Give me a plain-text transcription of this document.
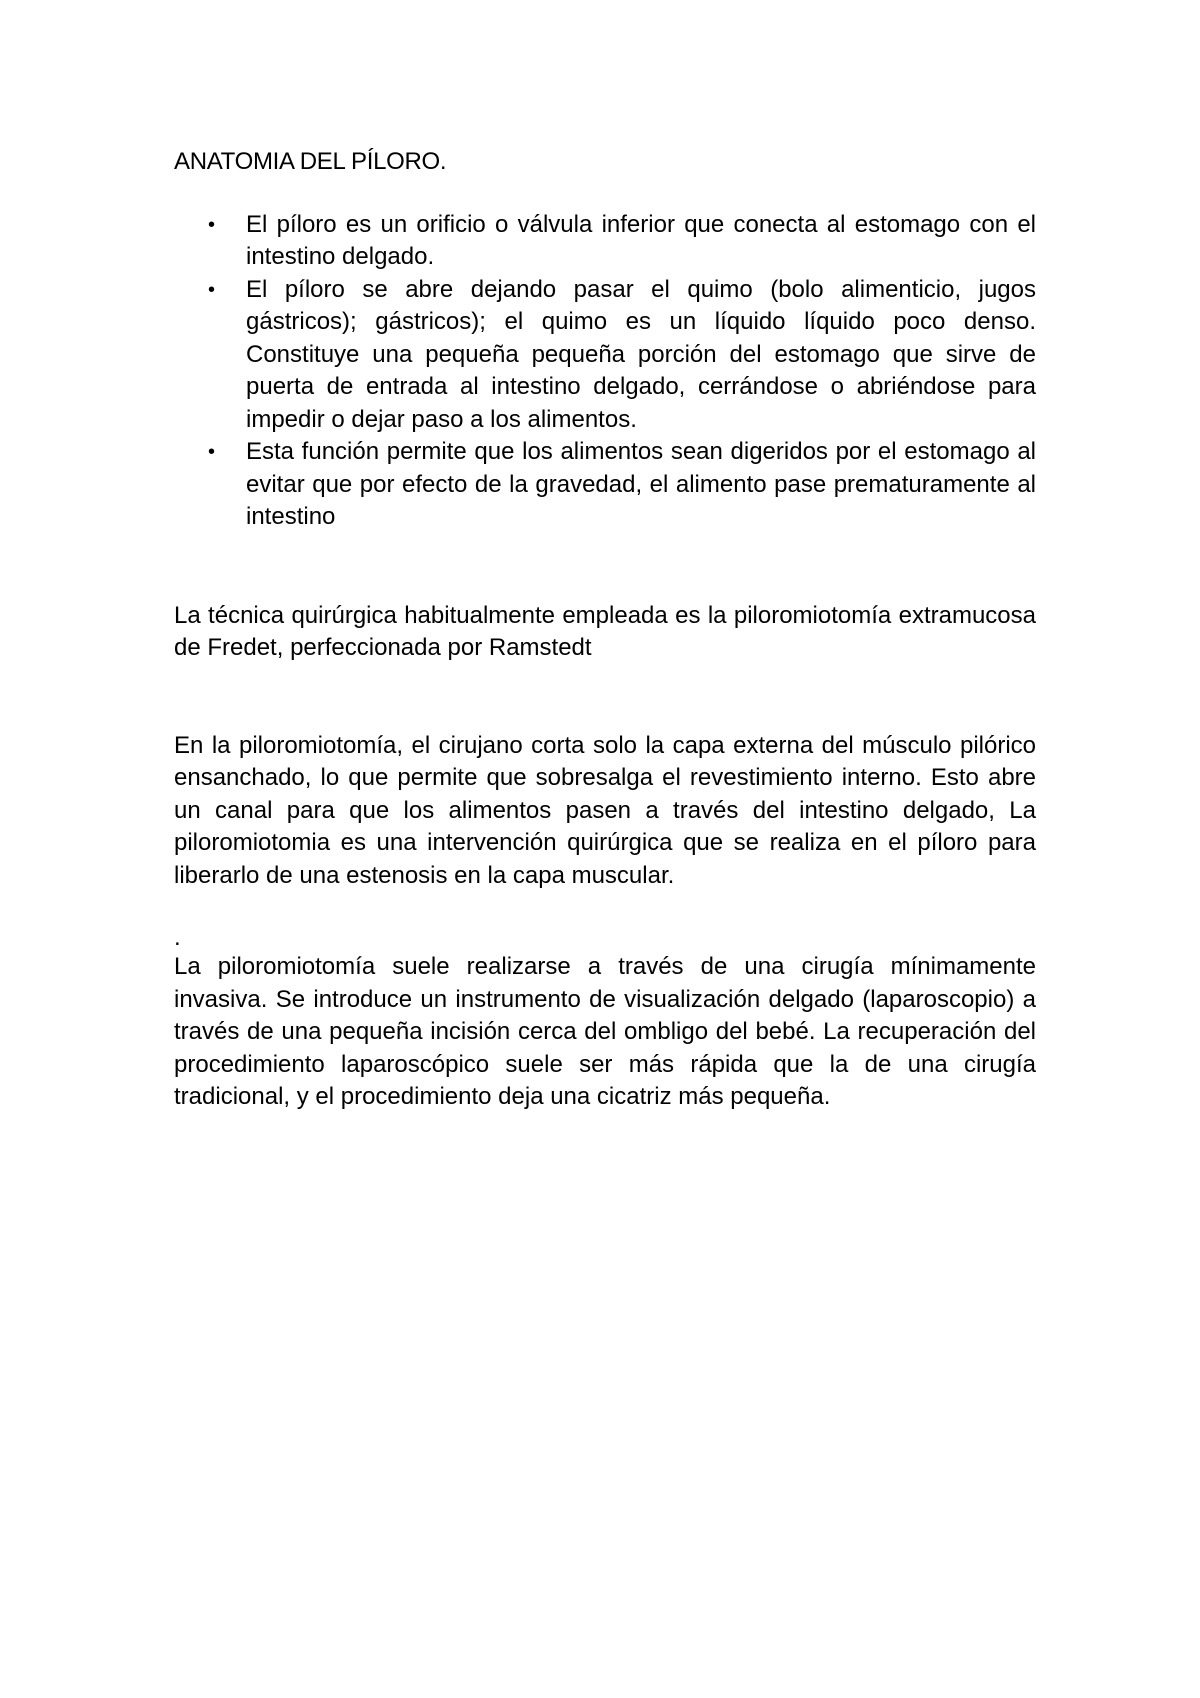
ANATOMIA DEL PÍLORO.
• El píloro es un orificio o válvula inferior que conecta al estomago con el intestino delgado.
• El píloro se abre dejando pasar el quimo (bolo alimenticio, jugos gástricos); gástricos); el quimo es un líquido líquido poco denso. Constituye una pequeña pequeña porción del estomago que sirve de puerta de entrada al intestino delgado, cerrándose o abriéndose para impedir o dejar paso a los alimentos.
• Esta función permite que los alimentos sean digeridos por el estomago al evitar que por efecto de la gravedad, el alimento pase prematuramente al intestino

La técnica quirúrgica habitualmente empleada es la piloromiotomía extramucosa de Fredet, perfeccionada por Ramstedt

En la piloromiotomía, el cirujano corta solo la capa externa del músculo pilórico ensanchado, lo que permite que sobresalga el revestimiento interno. Esto abre un canal para que los alimentos pasen a través del intestino delgado, La piloromiotomia es una intervención quirúrgica que se realiza en el píloro para liberarlo de una estenosis en la capa muscular.

.

La piloromiotomía suele realizarse a través de una cirugía mínimamente invasiva. Se introduce un instrumento de visualización delgado (laparoscopio) a través de una pequeña incisión cerca del ombligo del bebé. La recuperación del procedimiento laparoscópico suele ser más rápida que la de una cirugía tradicional, y el procedimiento deja una cicatriz más pequeña.
